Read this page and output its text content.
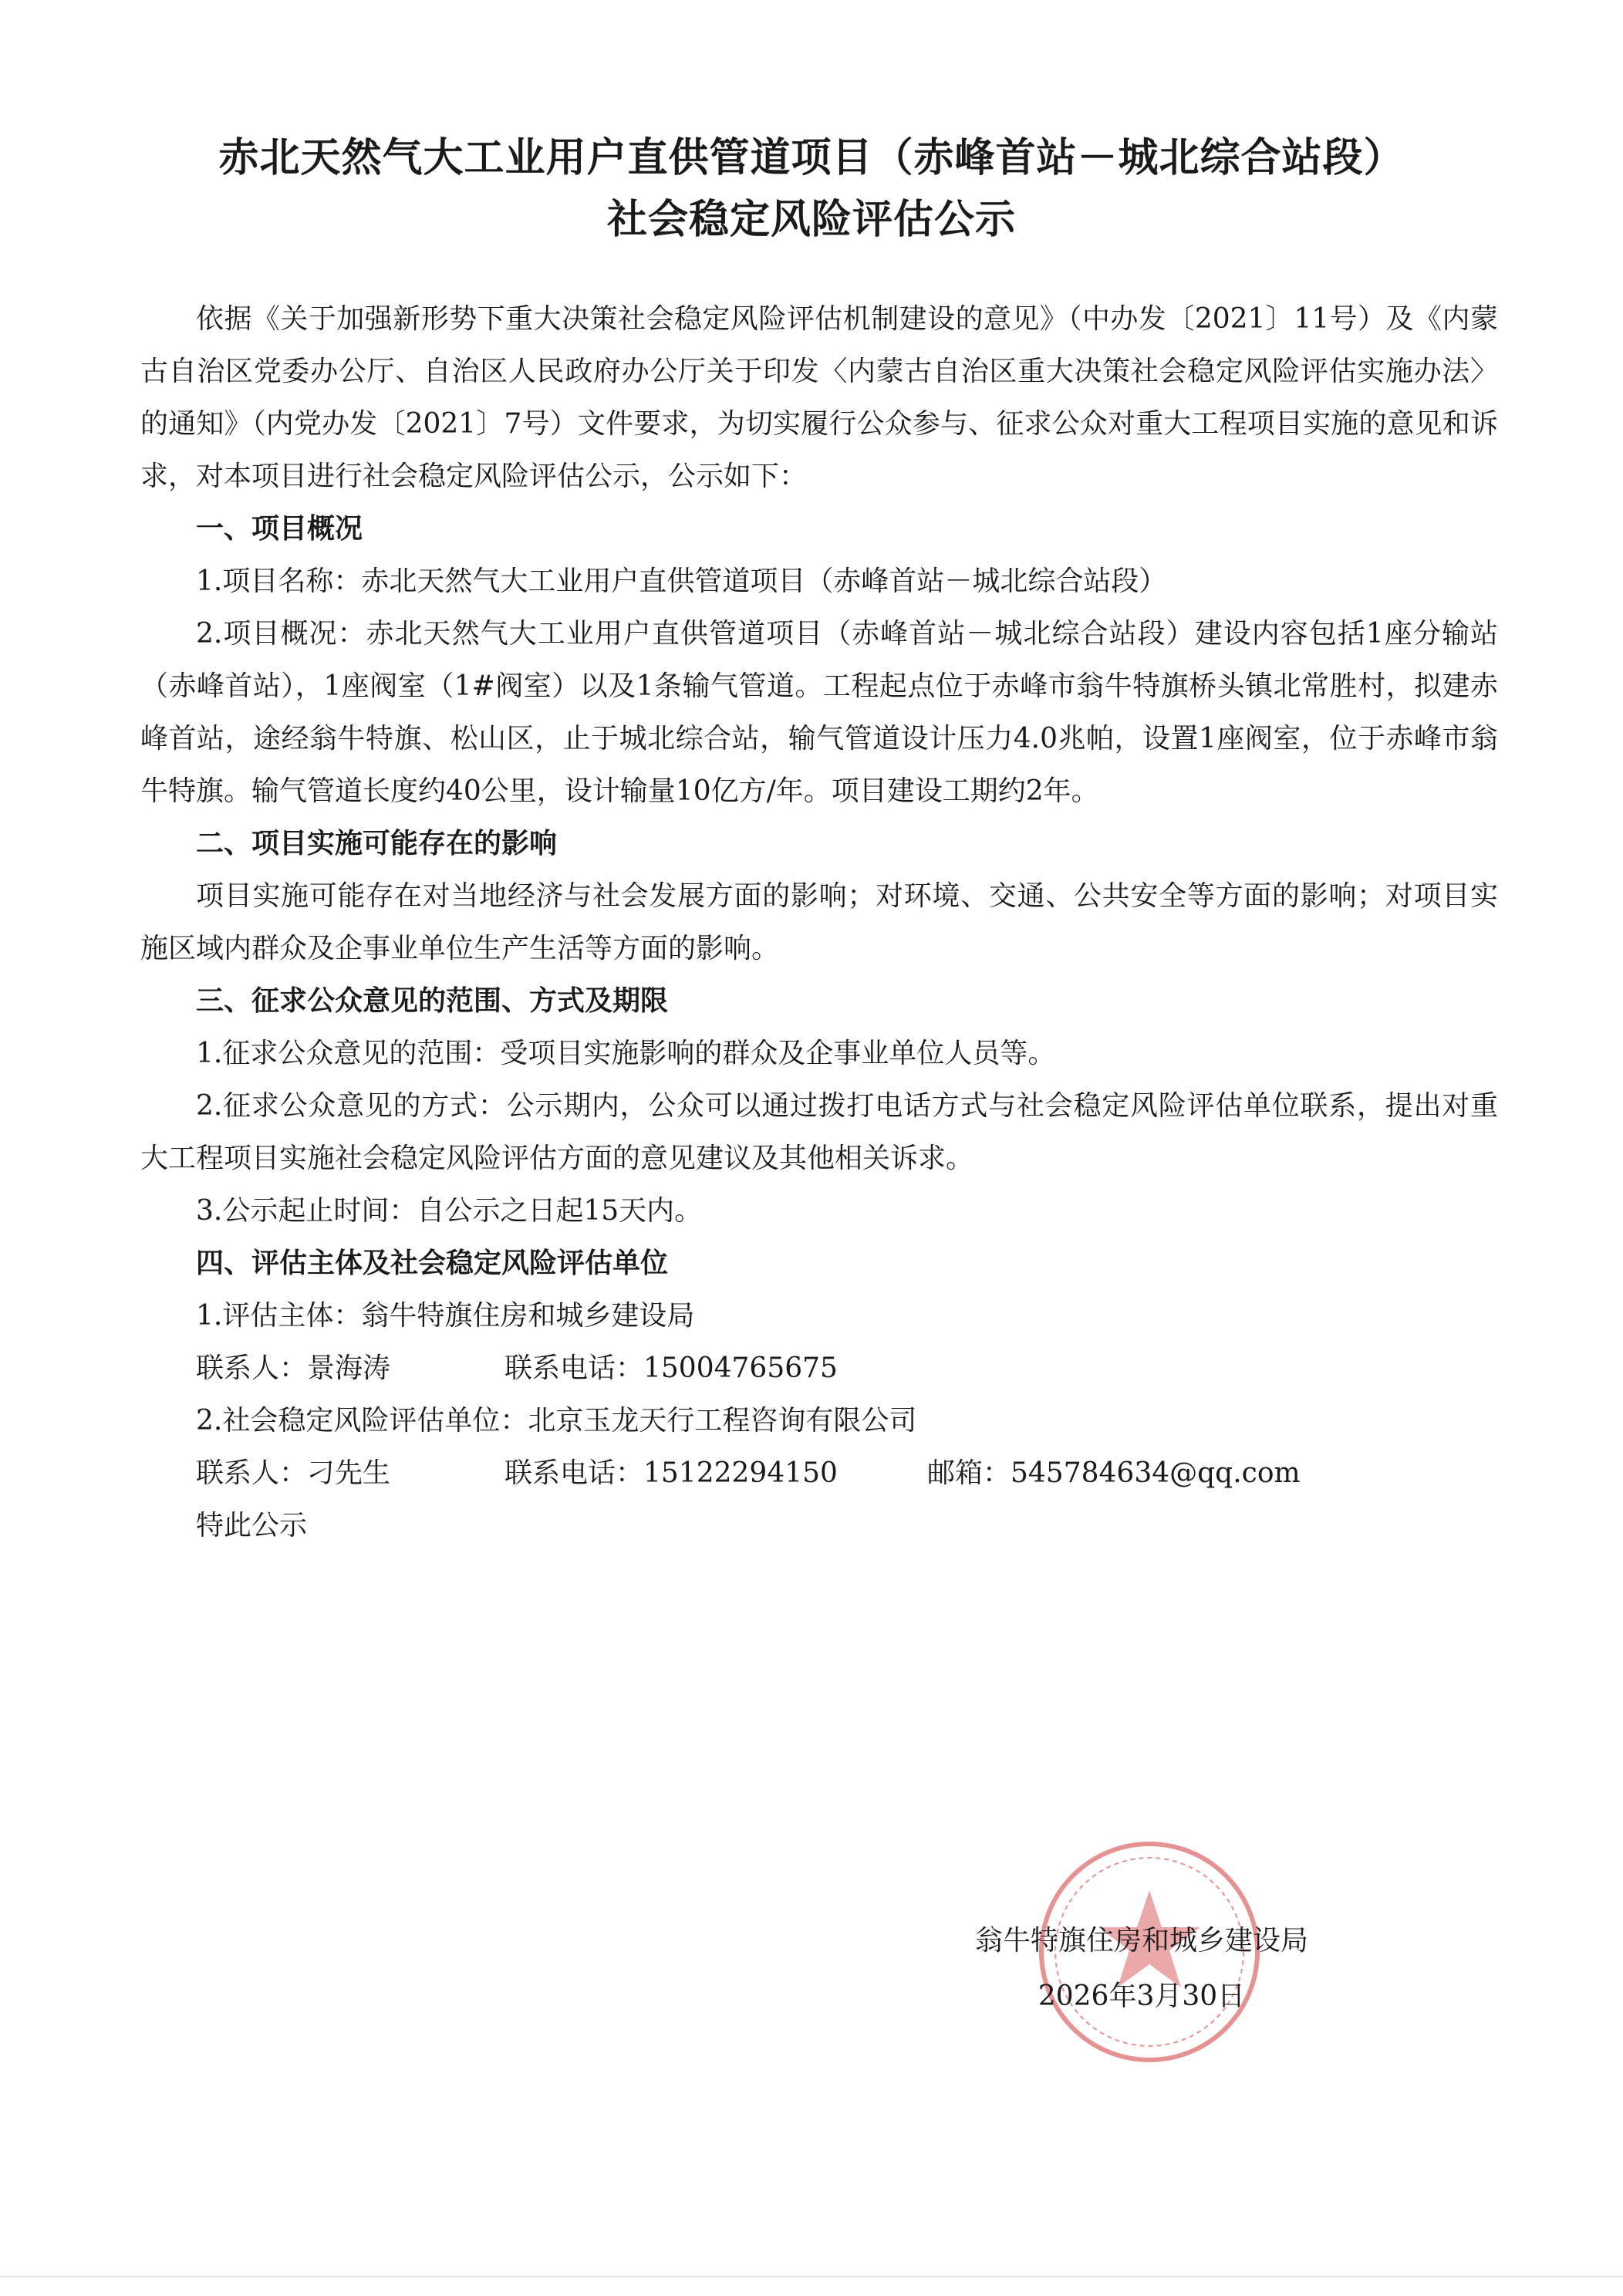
赤北天然气大工业用户直供管道项目（赤峰首站－城北综合站段）
社会稳定风险评估公示

依据《关于加强新形势下重大决策社会稳定风险评估机制建设的意见》（中办发〔2021〕11号）及《内蒙古自治区党委办公厅、自治区人民政府办公厅关于印发〈内蒙古自治区重大决策社会稳定风险评估实施办法〉的通知》（内党办发〔2021〕7号）文件要求，为切实履行公众参与、征求公众对重大工程项目实施的意见和诉求，对本项目进行社会稳定风险评估公示，公示如下：

一、项目概况

1.项目名称：赤北天然气大工业用户直供管道项目（赤峰首站－城北综合站段）

2.项目概况：赤北天然气大工业用户直供管道项目（赤峰首站－城北综合站段）建设内容包括1座分输站（赤峰首站），1座阀室（1#阀室）以及1条输气管道。工程起点位于赤峰市翁牛特旗桥头镇北常胜村，拟建赤峰首站，途经翁牛特旗、松山区，止于城北综合站，输气管道设计压力4.0兆帕，设置1座阀室，位于赤峰市翁牛特旗。输气管道长度约40公里，设计输量10亿方/年。项目建设工期约2年。

二、项目实施可能存在的影响

项目实施可能存在对当地经济与社会发展方面的影响；对环境、交通、公共安全等方面的影响；对项目实施区域内群众及企事业单位生产生活等方面的影响。

三、征求公众意见的范围、方式及期限

1.征求公众意见的范围：受项目实施影响的群众及企事业单位人员等。

2.征求公众意见的方式：公示期内，公众可以通过拨打电话方式与社会稳定风险评估单位联系，提出对重大工程项目实施社会稳定风险评估方面的意见建议及其他相关诉求。

3.公示起止时间：自公示之日起15天内。

四、评估主体及社会稳定风险评估单位

1.评估主体：翁牛特旗住房和城乡建设局

联系人：景海涛	联系电话：15004765675

2.社会稳定风险评估单位：北京玉龙天行工程咨询有限公司

联系人：刁先生	联系电话：15122294150	邮箱：545784634@qq.com

特此公示

翁牛特旗住房和城乡建设局
2026年3月30日
